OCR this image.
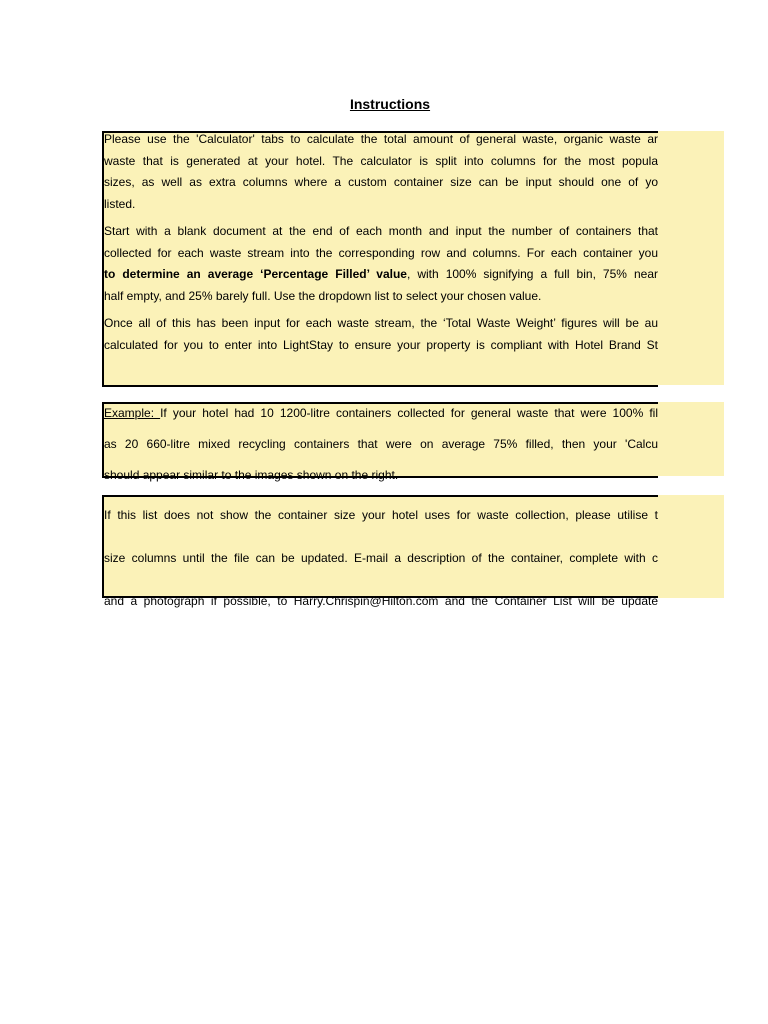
Instructions
Please use the 'Calculator' tabs to calculate the total amount of general waste, organic waste ar
waste that is generated at your hotel. The calculator is split into columns for the most popula
sizes, as well as extra columns where a custom container size can be input should one of yo
listed.
Start with a blank document at the end of each month and input the number of containers that
collected for each waste stream into the corresponding row and columns. For each container you
to determine an average ‘Percentage Filled’ value, with 100% signifying a full bin, 75% near
half empty, and 25% barely full. Use the dropdown list to select your chosen value.
Once all of this has been input for each waste stream, the ‘Total Waste Weight’ figures will be au
calculated for you to enter into LightStay to ensure your property is compliant with Hotel Brand St
Example: If your hotel had 10 1200-litre containers collected for general waste that were 100% fil
as 20 660-litre mixed recycling containers that were on average 75% filled, then your 'Calcu
should appear similar to the images shown on the right.
If this list does not show the container size your hotel uses for waste collection, please utilise t
size columns until the file can be updated. E-mail a description of the container, complete with c
and a photograph if possible, to Harry.Chrispin@Hilton.com and the Container List will be update
